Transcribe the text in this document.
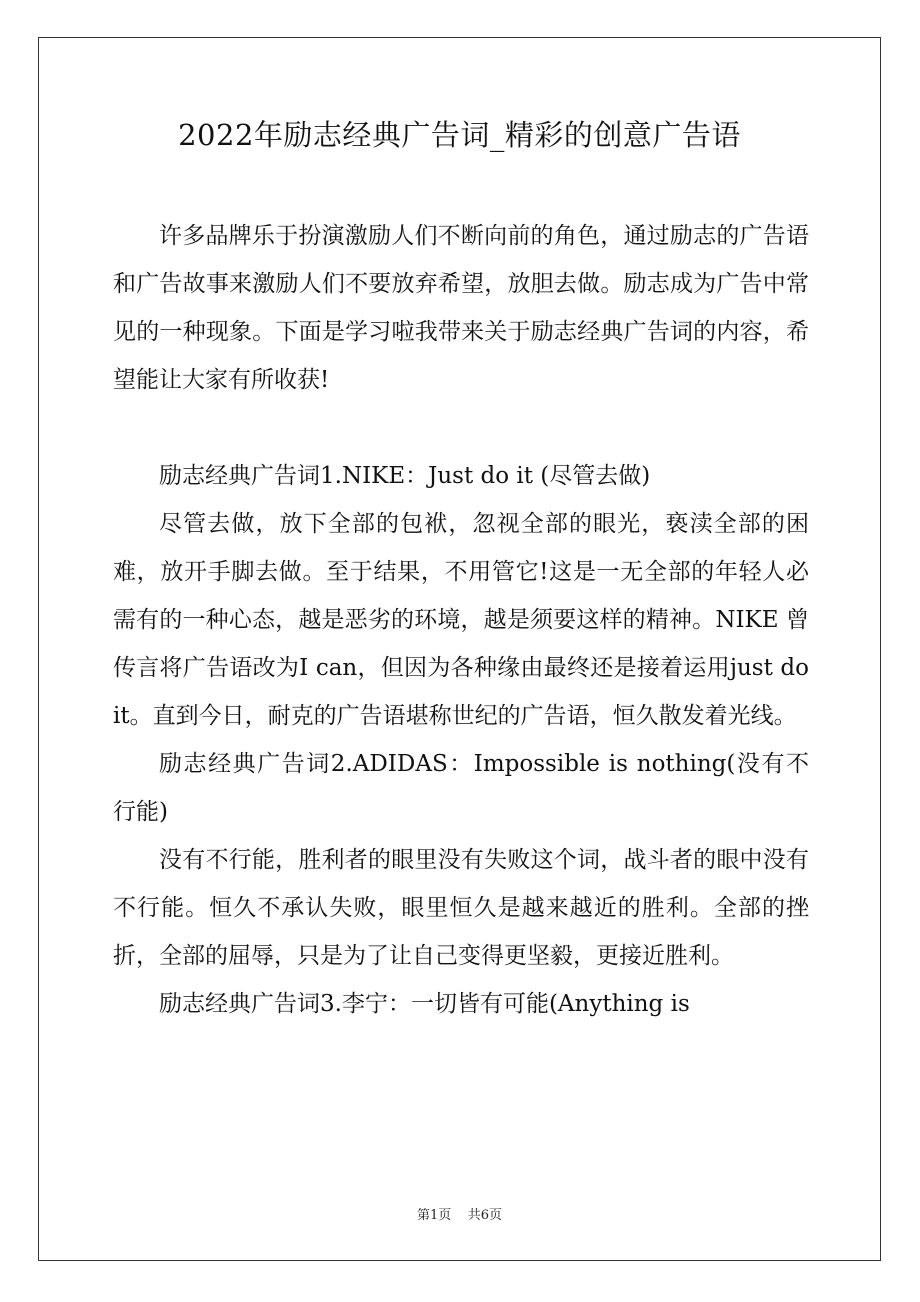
2022年励志经典广告词_精彩的创意广告语

许多品牌乐于扮演激励人们不断向前的角色，通过励志的广告语和广告故事来激励人们不要放弃希望，放胆去做。励志成为广告中常见的一种现象。下面是学习啦我带来关于励志经典广告词的内容，希望能让大家有所收获!

励志经典广告词1.NIKE：Just do it (尽管去做)

尽管去做，放下全部的包袱，忽视全部的眼光，亵渎全部的困难，放开手脚去做。至于结果，不用管它!这是一无全部的年轻人必需有的一种心态，越是恶劣的环境，越是须要这样的精神。NIKE 曾传言将广告语改为I can，但因为各种缘由最终还是接着运用just do it。直到今日，耐克的广告语堪称世纪的广告语，恒久散发着光线。

励志经典广告词2.ADIDAS：Impossible is nothing(没有不行能)

没有不行能，胜利者的眼里没有失败这个词，战斗者的眼中没有不行能。恒久不承认失败，眼里恒久是越来越近的胜利。全部的挫折，全部的屈辱，只是为了让自己变得更坚毅，更接近胜利。

励志经典广告词3.李宁：一切皆有可能(Anything is

第1页 共6页
